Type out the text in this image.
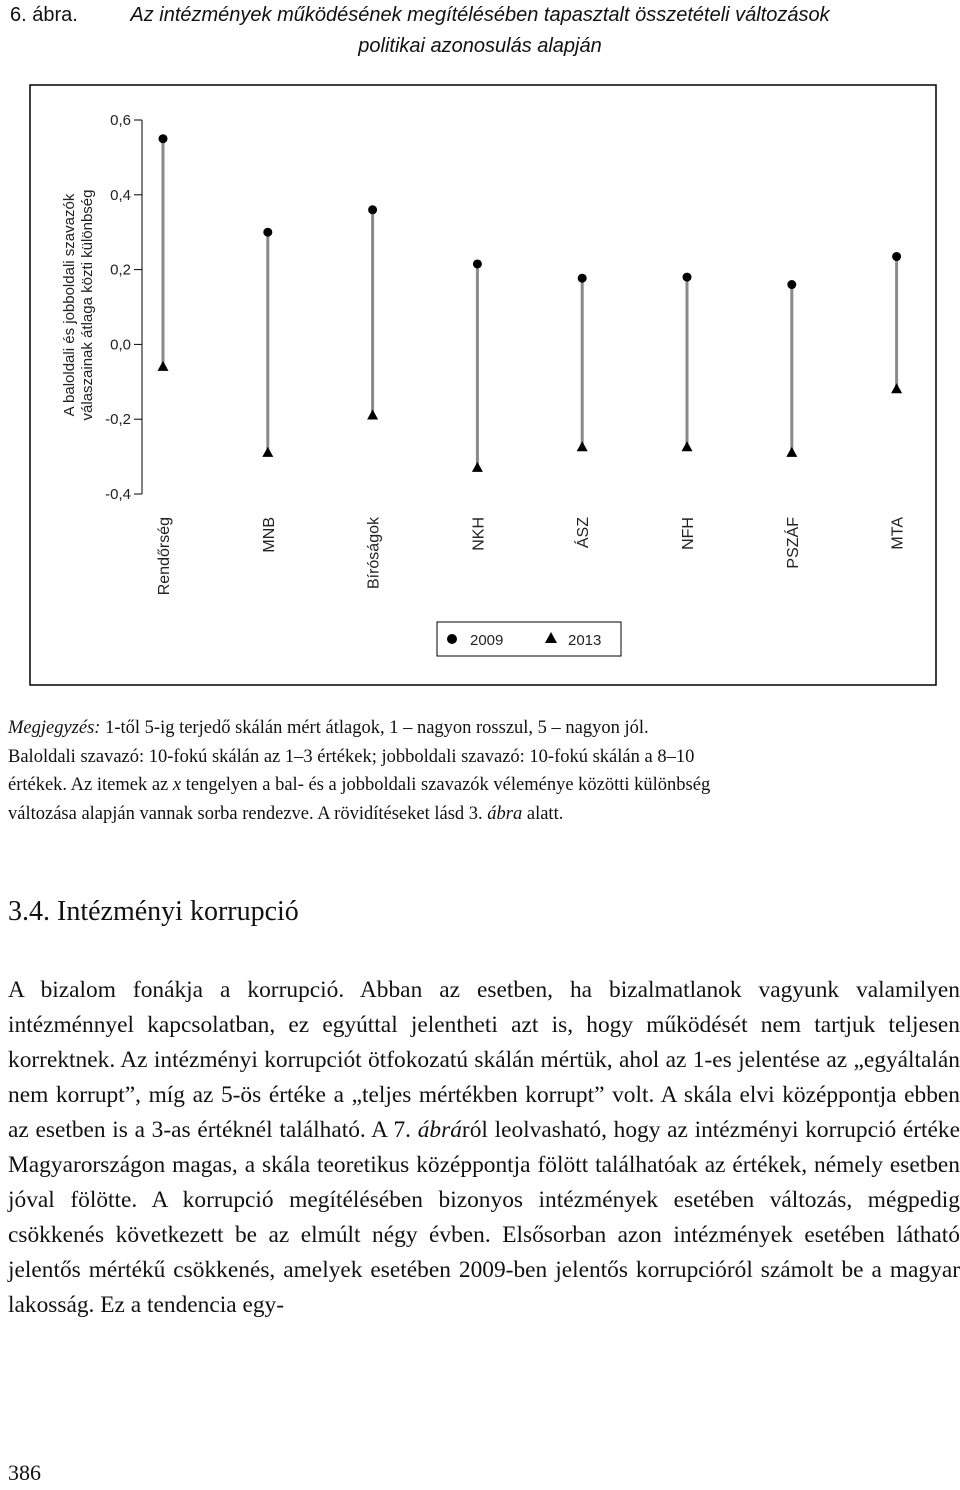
6. ábra.	Az intézmények működésének megítélésében tapasztalt összetételi változások
politikai azonosulás alapján
0,6
0,4
0,2
0,0
-0,2
-0,4
A baloldali és jobboldali szavazók válaszainak átlaga közti különbség
Rendőrség	MNB	Bíróságok	NKH	ÁSZ	NFH	PSZÁF	MTA
2009	2013
Megjegyzés: 1-től 5-ig terjedő skálán mért átlagok, 1 – nagyon rosszul, 5 – nagyon jól.
Baloldali szavazó: 10-fokú skálán az 1–3 értékek; jobboldali szavazó: 10-fokú skálán a 8–10
értékek. Az itemek az x tengelyen a bal- és a jobboldali szavazók véleménye közötti különbség
változása alapján vannak sorba rendezve. A rövidítéseket lásd 3. ábra alatt.
3.4. Intézményi korrupció
A bizalom fonákja a korrupció. Abban az esetben, ha bizalmatlanok vagyunk valamilyen intézménnyel kapcsolatban, ez egyúttal jelentheti azt is, hogy működését nem tartjuk teljesen korrektnek. Az intézményi korrupciót ötfokozatú skálán mértük, ahol az 1-es jelentése az „egyáltalán nem korrupt”, míg az 5-ös értéke a „teljes mértékben korrupt” volt. A skála elvi középpontja ebben az esetben is a 3-as értéknél található. A 7. ábráról leolvasható, hogy az intézményi korrupció értéke Magyarországon magas, a skála teoretikus középpontja fölött találhatóak az értékek, némely esetben jóval fölötte. A korrupció megítélésében bizonyos intézmények esetében változás, mégpedig csökkenés következett be az elmúlt négy évben. Elsősorban azon intézmények esetében látható jelentős mértékű csökkenés, amelyek esetében 2009-ben jelentős korrupcióról számolt be a magyar lakosság. Ez a tendencia egy-
386
